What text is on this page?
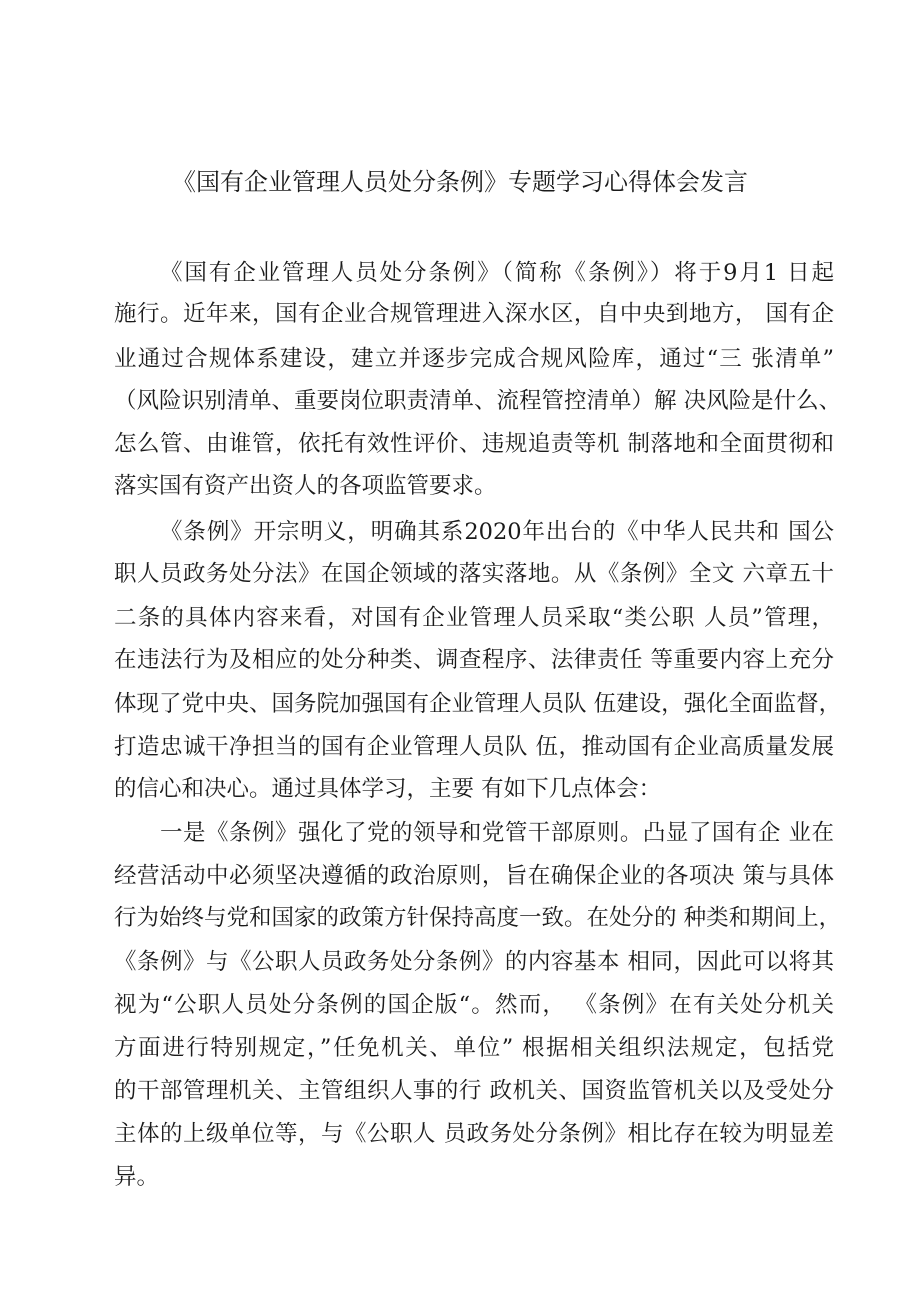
《国有企业管理人员处分条例》专题学习心得体会发言

《国有企业管理人员处分条例》（简称《条例》）将于9月1 日起

施行。近年来，国有企业合规管理进入深水区，自中央到地方， 国有企

业通过合规体系建设，建立并逐步完成合规风险库，通过“三 张清单”

（风险识别清单、重要岗位职责清单、流程管控清单）解 决风险是什么、

怎么管、由谁管，依托有效性评价、违规追责等机 制落地和全面贯彻和

落实国有资产出资人的各项监管要求。

《条例》开宗明义，明确其系2020年出台的《中华人民共和 国公

职人员政务处分法》在国企领域的落实落地。从《条例》全文 六章五十

二条的具体内容来看，对国有企业管理人员采取“类公职 人员”管理，

在违法行为及相应的处分种类、调查程序、法律责任 等重要内容上充分

体现了党中央、国务院加强国有企业管理人员队 伍建设，强化全面监督，

打造忠诚干净担当的国有企业管理人员队 伍，推动国有企业高质量发展

的信心和决心。通过具体学习，主要 有如下几点体会：

一是《条例》强化了党的领导和党管干部原则。凸显了国有企 业在

经营活动中必须坚决遵循的政治原则，旨在确保企业的各项决 策与具体

行为始终与党和国家的政策方针保持高度一致。在处分的 种类和期间上，

《条例》与《公职人员政务处分条例》的内容基本 相同，因此可以将其

视为“公职人员处分条例的国企版“。然而， 《条例》在有关处分机关

方面进行特别规定，”任免机关、单位” 根据相关组织法规定，包括党

的干部管理机关、主管组织人事的行 政机关、国资监管机关以及受处分

主体的上级单位等，与《公职人 员政务处分条例》相比存在较为明显差

异。
